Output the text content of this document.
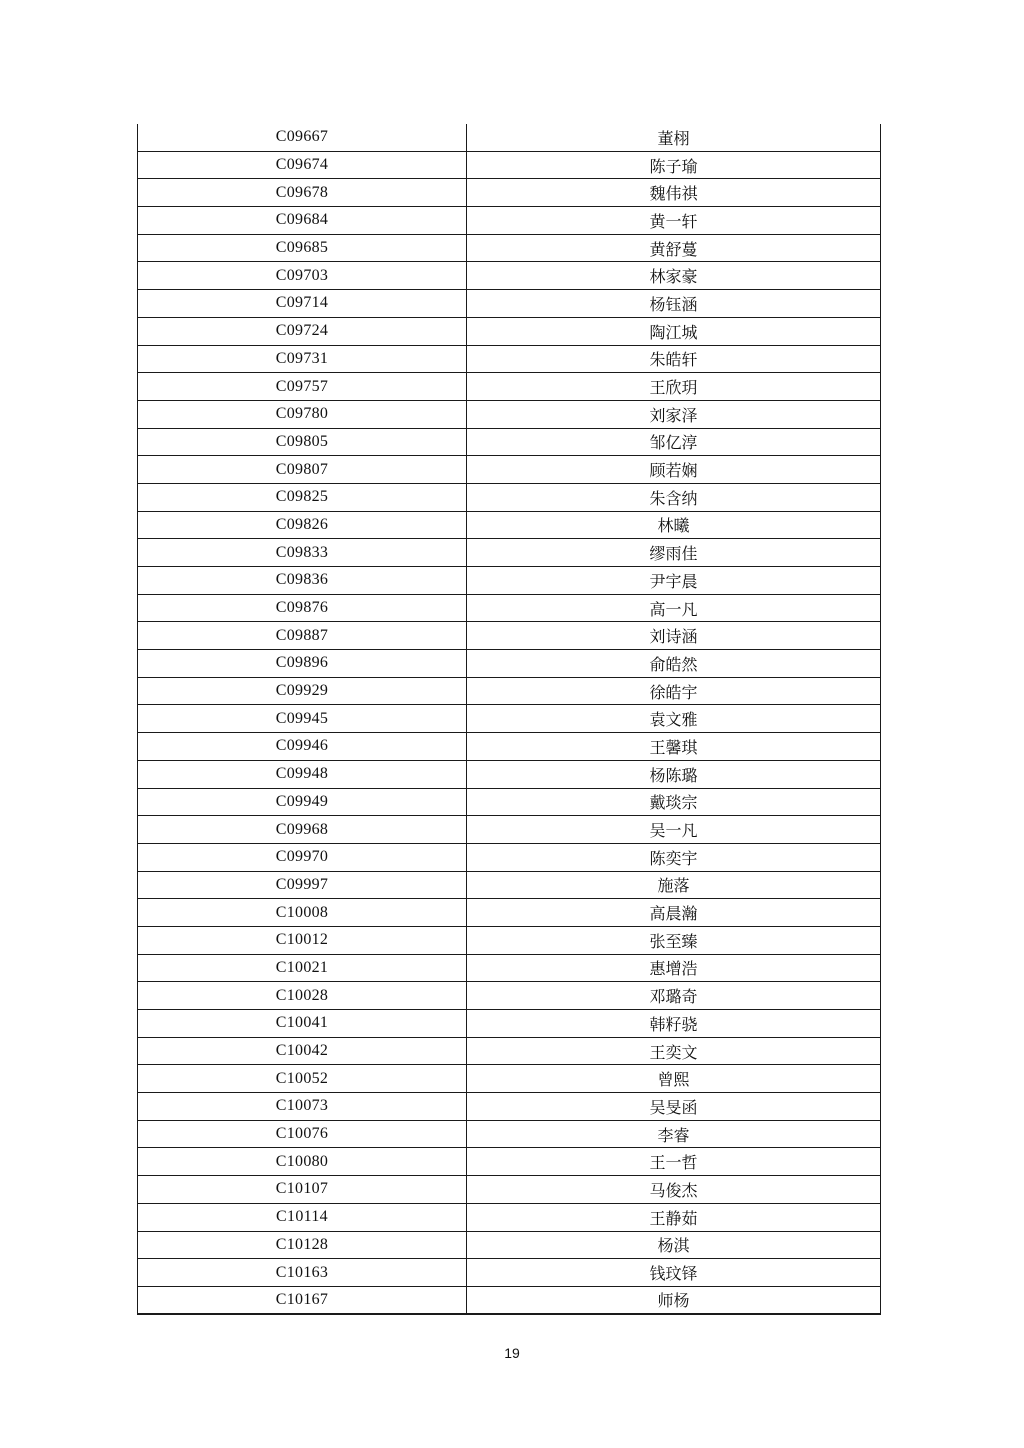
C09667	董栩
C09674	陈子瑜
C09678	魏伟祺
C09684	黄一轩
C09685	黄舒蔓
C09703	林家豪
C09714	杨钰涵
C09724	陶江城
C09731	朱皓轩
C09757	王欣玥
C09780	刘家泽
C09805	邹亿淳
C09807	顾若娴
C09825	朱含纳
C09826	林曦
C09833	缪雨佳
C09836	尹宇晨
C09876	高一凡
C09887	刘诗涵
C09896	俞皓然
C09929	徐皓宇
C09945	袁文雅
C09946	王馨琪
C09948	杨陈璐
C09949	戴琰宗
C09968	吴一凡
C09970	陈奕宇
C09997	施落
C10008	高晨瀚
C10012	张至臻
C10021	惠增浩
C10028	邓璐奇
C10041	韩籽骁
C10042	王奕文
C10052	曾熙
C10073	吴旻函
C10076	李睿
C10080	王一哲
C10107	马俊杰
C10114	王静茹
C10128	杨淇
C10163	钱玟铎
C10167	师杨
19
